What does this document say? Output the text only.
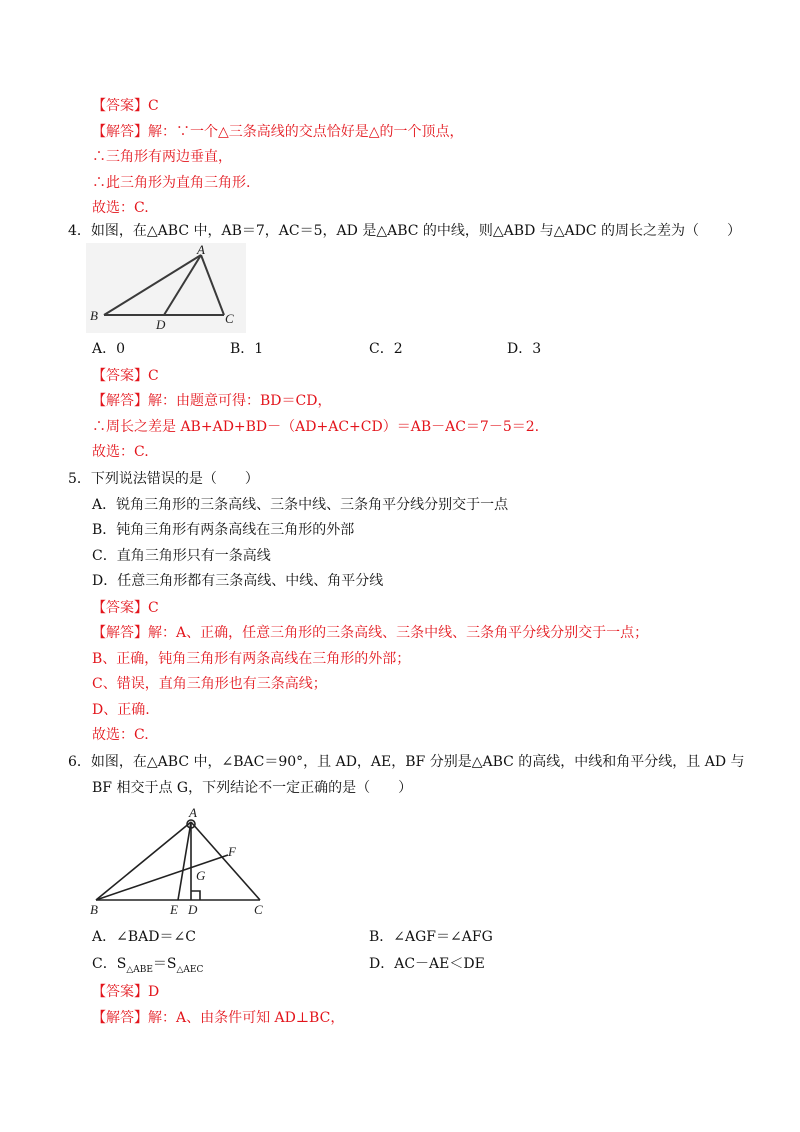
【答案】C
【解答】解：∵一个△三条高线的交点恰好是△的一个顶点，
∴三角形有两边垂直，
∴此三角形为直角三角形.
故选：C.
4．如图，在△ABC 中，AB＝7，AC＝5，AD 是△ABC 的中线，则△ABD 与△ADC 的周长之差为（　　）
A
B	C
D
A．0	B．1	C．2	D．3
【答案】C
【解答】解：由题意可得：BD＝CD，
∴周长之差是 AB+AD+BD－（AD+AC+CD）＝AB－AC＝7－5＝2.
故选：C.
5．下列说法错误的是（　　）
A．锐角三角形的三条高线、三条中线、三条角平分线分别交于一点
B．钝角三角形有两条高线在三角形的外部
C．直角三角形只有一条高线
D．任意三角形都有三条高线、中线、角平分线
【答案】C
【解答】解：A、正确，任意三角形的三条高线、三条中线、三条角平分线分别交于一点；
B、正确，钝角三角形有两条高线在三角形的外部；
C、错误，直角三角形也有三条高线；
D、正确.
故选：C.
6．如图，在△ABC 中，∠BAC＝90°，且 AD，AE，BF 分别是△ABC 的高线，中线和角平分线，且 AD 与
BF 相交于点 G，下列结论不一定正确的是（　　）
A
B	C
D
E
F
G
A．∠BAD＝∠C	B．∠AGF＝∠AFG
C．$S_{\triangle ABE}=S_{\triangle AEC}$	D．AC－AE＜DE
【答案】D
【解答】解：A、由条件可知 AD⊥BC，
